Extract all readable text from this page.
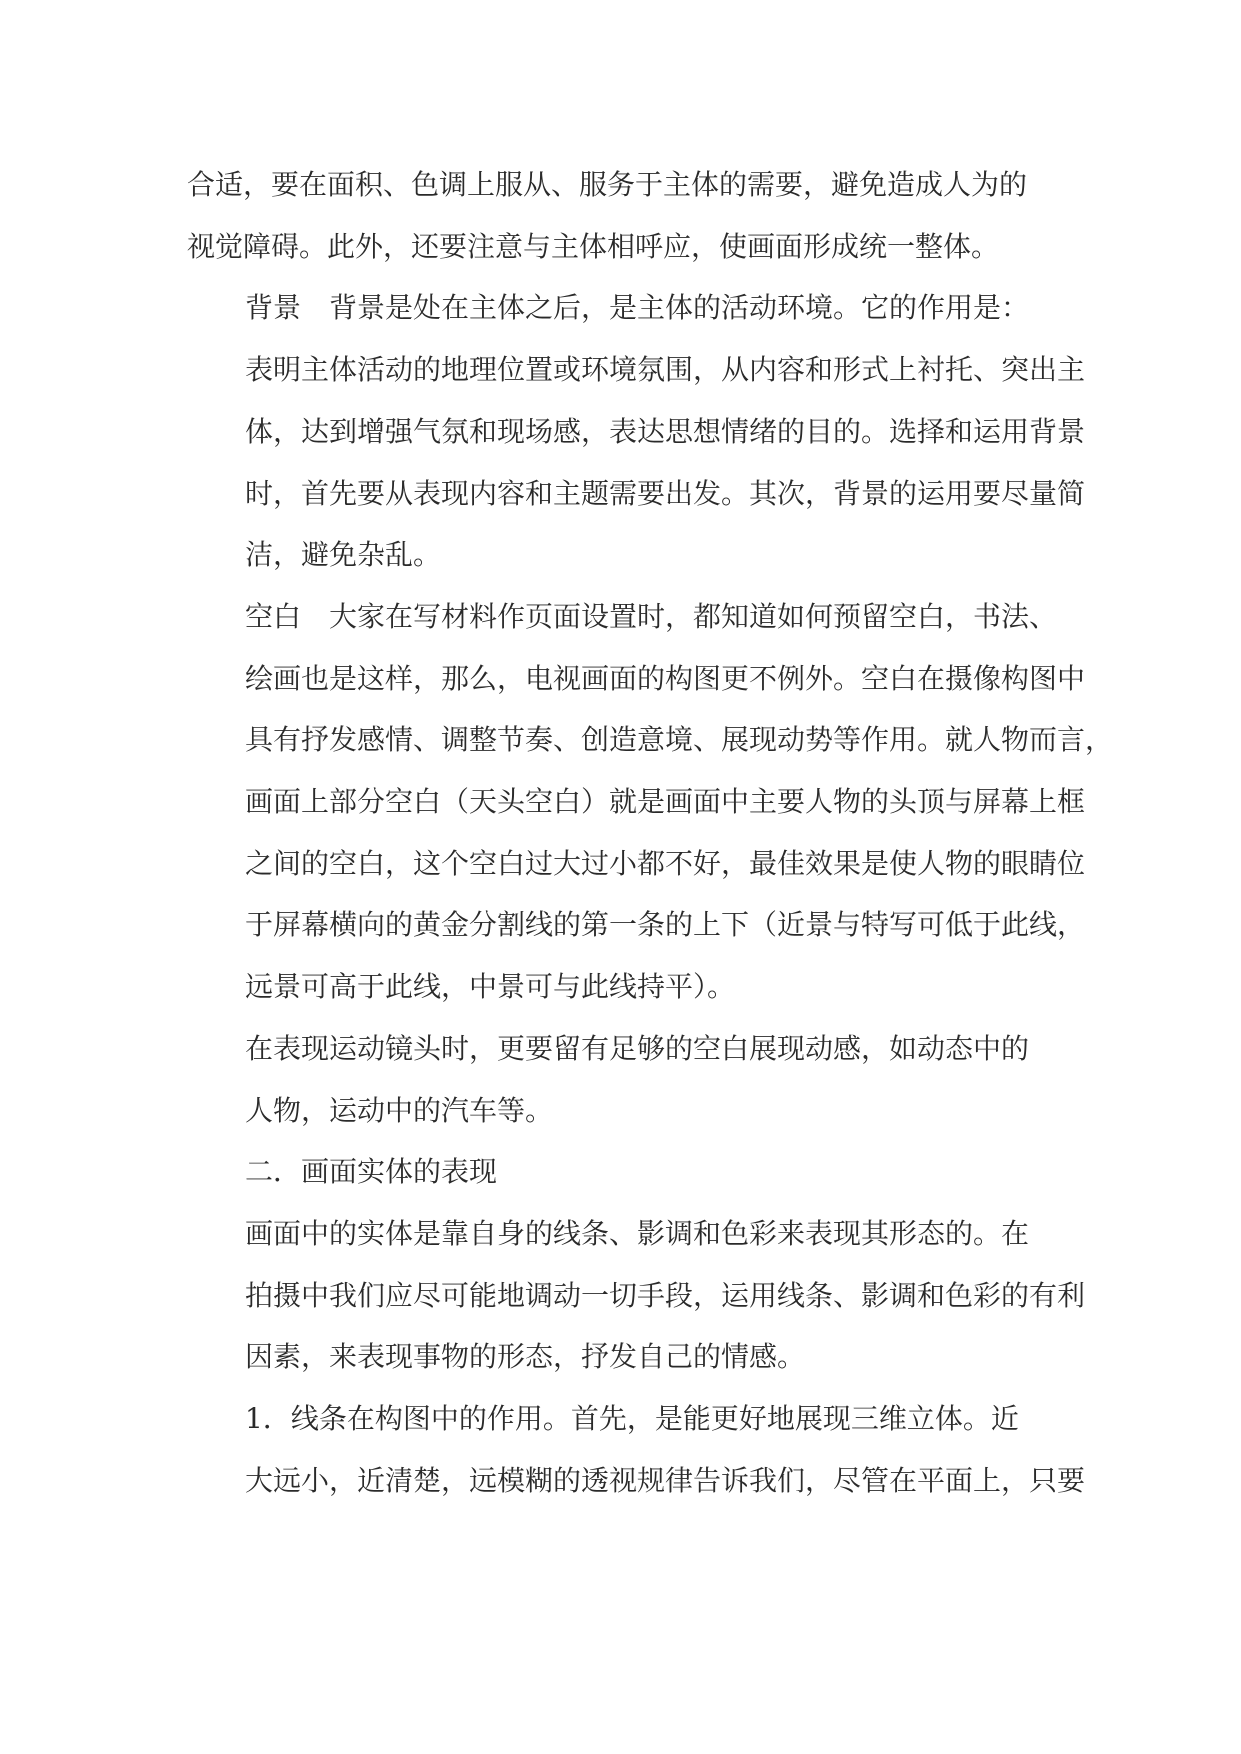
合适，要在面积、色调上服从、服务于主体的需要，避免造成人为的
视觉障碍。此外，还要注意与主体相呼应，使画面形成统一整体。

背景　背景是处在主体之后，是主体的活动环境。它的作用是：
表明主体活动的地理位置或环境氛围，从内容和形式上衬托、突出主
体，达到增强气氛和现场感，表达思想情绪的目的。选择和运用背景
时，首先要从表现内容和主题需要出发。其次，背景的运用要尽量简
洁，避免杂乱。

空白　大家在写材料作页面设置时，都知道如何预留空白，书法、
绘画也是这样，那么，电视画面的构图更不例外。空白在摄像构图中
具有抒发感情、调整节奏、创造意境、展现动势等作用。就人物而言，
画面上部分空白（天头空白）就是画面中主要人物的头顶与屏幕上框
之间的空白，这个空白过大过小都不好，最佳效果是使人物的眼睛位
于屏幕横向的黄金分割线的第一条的上下（近景与特写可低于此线，
远景可高于此线，中景可与此线持平）。

在表现运动镜头时，更要留有足够的空白展现动感，如动态中的
人物，运动中的汽车等。

二．画面实体的表现

画面中的实体是靠自身的线条、影调和色彩来表现其形态的。在
拍摄中我们应尽可能地调动一切手段，运用线条、影调和色彩的有利
因素，来表现事物的形态，抒发自己的情感。

1．线条在构图中的作用。首先，是能更好地展现三维立体。近
大远小，近清楚，远模糊的透视规律告诉我们，尽管在平面上，只要
